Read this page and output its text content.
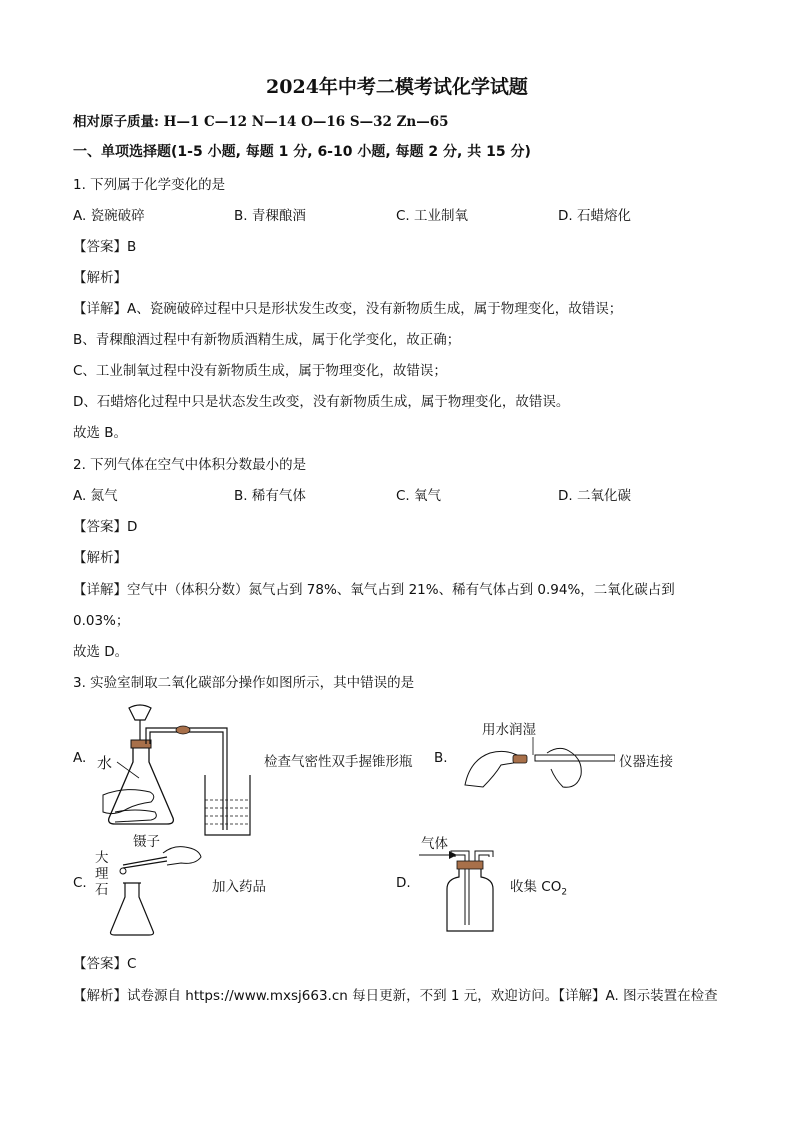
2024年中考二模考试化学试题
相对原子质量: H—1 C—12 N—14 O—16 S—32 Zn—65
一、单项选择题(1-5 小题, 每题 1 分, 6-10 小题, 每题 2 分, 共 15 分)
1. 下列属于化学变化的是
A. 瓷碗破碎	B. 青稞酿酒	C. 工业制氧	D. 石蜡熔化
【答案】B
【解析】
【详解】A、瓷碗破碎过程中只是形状发生改变，没有新物质生成，属于物理变化，故错误；
B、青稞酿酒过程中有新物质酒精生成，属于化学变化，故正确；
C、工业制氧过程中没有新物质生成，属于物理变化，故错误；
D、石蜡熔化过程中只是状态发生改变，没有新物质生成，属于物理变化，故错误。
故选 B。
2. 下列气体在空气中体积分数最小的是
A. 氮气	B. 稀有气体	C. 氧气	D. 二氧化碳
【答案】D
【解析】
【详解】空气中（体积分数）氮气占到 78%、氧气占到 21%、稀有气体占到 0.94%，二氧化碳占到
0.03%；
故选 D。
3. 实验室制取二氧化碳部分操作如图所示，其中错误的是
A. 水	检查气密性双手握锥形瓶 B.
用水润湿
仪器连接
C.
镊子
大
理
石	加入药品	D.
气体
收集 $CO_2$
【答案】C
【解析】试卷源自 https://www.mxsj663.cn 每日更新，不到 1 元，欢迎访问。【详解】A. 图示装置在检查
